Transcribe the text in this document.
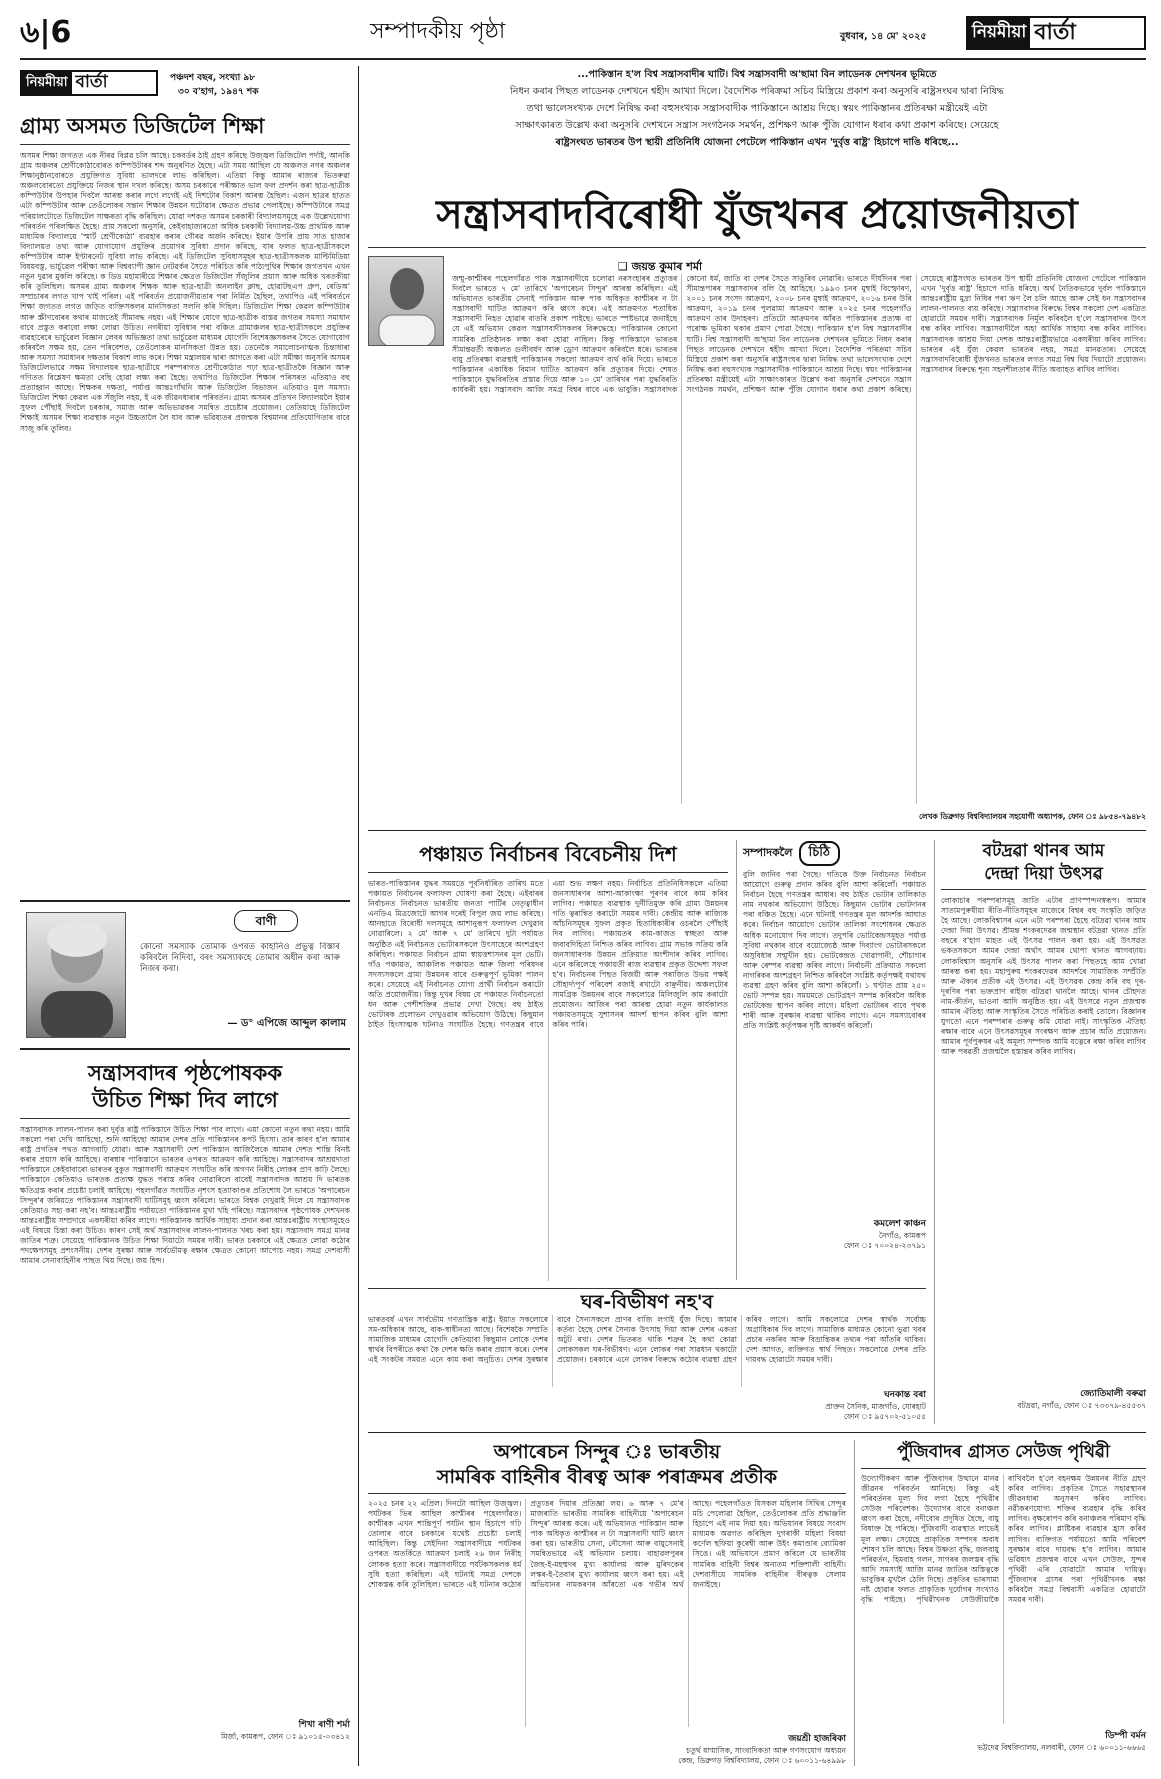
৬|6	সম্পাদকীয় পৃষ্ঠা	বুধবাৰ, ১৪ মে' ২০২৫	নিয়মীয়া বাৰ্তা
নিয়মীয়া বাৰ্তা	পঞ্চদশ বছৰ, সংখ্যা ৯৮
৩০ ব'হাগ, ১৯৪৭ শক
গ্ৰাম্য অসমত ডিজিটেল শিক্ষা
অসমৰ শিক্ষা জগতত এক নীৰৱ বিপ্লৱ চলি আছে। চকবৰ্ডৰ ঠাই গ্ৰহণ কৰিছে উজ্জ্বল ডিজিটেল পৰ্দাই, আনকি গ্ৰাম অঞ্চলৰ শ্ৰেণীকোঠাবোৰত কম্পিউটাৰৰ শব্দ অনুৰণিত হৈছে। এটা সময় আছিল যে অঞ্চলত নগৰ অঞ্চলৰ শিক্ষানুষ্ঠানবোৰতে প্ৰযুক্তিগত সুবিধা ভালদৰে লাভ কৰিছিল। এতিয়া কিন্তু আমাৰ ৰাজ্যৰ ভিতৰুৱা অঞ্চলবোৰতো প্ৰযুক্তিয়ে নিজৰ স্থান দখল কৰিছে। অসম চৰকাৰে পৰীক্ষাত ভাল ফল প্ৰদৰ্শন কৰা ছাত্ৰ-ছাত্ৰীক কম্পিউটাৰ উপহাৰ দিবলৈ আৰম্ভ কৰাৰ লগে লগেই এই দিশটোৰ বিকাশ আৰম্ভ হৈছিল। এজন ছাত্ৰৰ হাতত এটা কম্পিউটাৰ আৰু তেওঁলোকৰ সন্তান শিক্ষাৰ উন্নয়ন ঘটোৱাৰ ক্ষেত্ৰত প্ৰভাৱ পেলাইছে। কম্পিউটাৰে সমগ্ৰ পৰিয়ালটোতে ডিজিটেল সাক্ষৰতা বৃদ্ধি কৰিছিল। যোৱা দশকত অসমৰ চৰকাৰী বিদ্যালয়সমূহে এক উল্লেখযোগ্য পৰিবৰ্তন পৰিলক্ষিত হৈছে। প্ৰায় সকলো অনুসৰি, কেইবাহাজাৰতো অধিক চৰকাৰী বিদ্যালয়-উচ্চ প্ৰাথমিক আৰু মাধ্যমিক বিদ্যালয়ে 'স্মাৰ্ট শ্ৰেণীকোঠা' ব্যৱহাৰ কৰাৰ গৌৰৱ অৰ্জন কৰিছে। ইয়াৰ উপৰি প্ৰায় সাত হাজাৰ বিদ্যালয়ত তথ্য আৰু যোগাযোগ প্ৰযুক্তিৰ প্ৰয়োগৰ সুবিধা প্ৰদান কৰিছে, যাৰ ফলত ছাত্ৰ-ছাত্ৰীসকলে কম্পিউটাৰ আৰু ইণ্টাৰনেট সুবিধা লাভ কৰিছে। এই ডিজিটেল সুবিধাসমূহৰ ছাত্ৰ-ছাত্ৰীসকলক মাল্টিমিডিয়া বিষয়বস্তু, ভাৰ্চুৱেল পৰীক্ষা আৰু বিশ্বব্যাপী জ্ঞান নেটৱৰ্কৰ সৈতে পৰিচিত কৰি পাঠ্যপুথিৰ শিক্ষাৰ জগতখন এখন নতুন দুৱাৰ মুকলি কৰিছে। ক ডিড মহামাৰীয়ে শিক্ষাৰ ক্ষেত্ৰত ডিজিটেল সঁজুলিৰ প্ৰয়াস আৰু অধিক খৰতকীয়া কৰি তুলিছিল। অসমৰ গ্ৰাম্য অঞ্চলৰ শিক্ষক আৰু ছাত্ৰ-ছাত্ৰী অনলাইন ক্লাছ, হোৱাটছএপ গ্ৰুপ, ৰেডিঅ' সম্প্ৰচাৰৰ লগত খাপ খাই পৰিল। এই পৰিবৰ্তন প্ৰয়োজনীয়তাৰ পৰা নিৰ্মিত হৈছিল, তথাপিও এই পৰিবৰ্তনে শিক্ষা জগতত লগত জড়িত ব্যক্তিসকলৰ মানসিকতা সলনি কৰি দিছিল। ডিজিটেল শিক্ষা কেৱল কম্পিউটাৰ আৰু স্ক্ৰীণবোৰৰ কথাৰ মাজতেই সীমাবদ্ধ নহয়। এই শিক্ষাৰ যোগে ছাত্ৰ-ছাত্ৰীক বাস্তৱ জগতৰ সমস্যা সমাধান বাবে প্ৰস্তুত কৰাবো লক্ষ্য লোৱা উচিত। নগৰীয়া সুবিধাৰ পৰা বঞ্চিত গ্ৰামাঞ্চলৰ ছাত্ৰ-ছাত্ৰীসকলে প্ৰযুক্তিৰ ব্যৱহাৰেৰে ভাৰ্চুৱেল বিজ্ঞান লেবৰ অভিজ্ঞতা তথা ভাৰ্চুৱেল মাধ্যমৰ যোগেদি বিশেষজ্ঞসকলৰ সৈতে যোগাযোগ কৰিবলৈ সক্ষম হয়, তেন পৰিবেশত, তেওঁলোকৰ মানসিকতা উন্নত হয়। তেনেকৈ সমালোচনাত্মক চিন্তাধাৰা আৰু সমস্যা সমাধানৰ দক্ষতাৰ বিকাশ লাভ কৰে। শিক্ষা মন্ত্ৰালয়ৰ দ্বাৰা আগতে কৰা এটা সমীক্ষা অনুসৰি অসমৰ ডিজিটেলভাৱে সক্ষম বিদ্যালয়ৰ ছাত্ৰ-ছাত্ৰীয়ে পৰম্পৰাগত শ্ৰেণীকোঠাত পঢ়া ছাত্ৰ-ছাত্ৰীতকৈ বিজ্ঞান আৰু গণিতত বিশ্লেষণ ক্ষমতা বেছি হোৱা লক্ষ্য কৰা হৈছে। তথাপিও ডিজিটেল শিক্ষাৰ পৰিসৰত এতিয়াও বহু প্ৰত্যাহ্বান আছে। শিক্ষকৰ দক্ষতা, পৰ্যাপ্ত আন্তঃগাঁথনি আৰু ডিজিটেল বিভাজন এতিয়াও মূল সমস্যা। ডিজিটেল শিক্ষা কেৱল এক সঁজুলি নহয়, ই এক জীৱনধাৰাৰ পৰিবৰ্তন। গ্ৰাম্য অসমৰ প্ৰতিখন বিদ্যালয়লৈ ইয়াৰ সুফল পৌঁছাই দিবলৈ চৰকাৰ, সমাজ আৰু অভিভাৱকৰ সমন্বিত প্ৰচেষ্টাৰ প্ৰয়োজন। তেতিয়াহে ডিজিটেল শিক্ষাই অসমৰ শিক্ষা ব্যৱস্থাক নতুন উচ্চতালৈ লৈ যাব আৰু ভৱিষ্যতৰ প্ৰজন্মক বিশ্বমানৰ প্ৰতিযোগিতাৰ বাবে সাজু কৰি তুলিব।
বাণী
কোনো সমস্যাক তোমাক ওপৰত কাহানিও প্ৰভুত্ব বিস্তাৰ কৰিবলৈ নিদিবা, বৰং সমস্যাকহে তোমাৰ অধীন কৰা আৰু নিজৰ কৰা।
— ড° এপিজে আব্দুল কালাম
সন্ত্ৰাসবাদৰ পৃষ্ঠপোষকক
উচিত শিক্ষা দিব লাগে
সন্ত্ৰাসবাদক লালন-পালন কৰা দুৰ্বৃত্ত ৰাষ্ট্ৰ পাকিস্তানে উচিত শিক্ষা পাব লাগে। এয়া কোনো নতুন কথা নহয়। আমি সকলো পৰা দেখি আহিছো, শুনি আহিছো আমাৰ দেশৰ প্ৰতি পাকিস্তানৰ কপট হিংসা। তাৰ কাৰণ হ'ল আমাৰ ৰাষ্ট্ৰ প্ৰগতিৰ পথত আগবাঢ়ি যোৱা। আৰু সন্ত্ৰাসবাদী দেশ পাকিস্তান আজিলৈকে আমাৰ দেশত শান্তি বিনষ্ট কৰাৰ প্ৰয়াস কৰি আহিছে। বাৰম্বাৰ পাকিস্তানে ভাৰতৰ ওপৰত আক্ৰমণ কৰি আহিছে। সন্ত্ৰাসবাদৰ আশ্ৰয়দাতা পাকিস্তানে কেইবাবাৰো ভাৰতৰ বুকুত সন্ত্ৰাসবাদী আক্ৰমণ সংঘটিত কৰি অগণন নিৰীহ লোকৰ প্ৰাণ কাঢ়ি লৈছে। পাকিস্তানে কেতিয়াও ভাৰতক প্ৰত্যক্ষ যুদ্ধত পৰাস্ত কৰিব নোৱাৰিলে বাবেই সন্ত্ৰাসবাদক আশ্ৰয় দি ভাৰতক ক্ষতিগ্ৰস্ত কৰাৰ প্ৰচেষ্টা চলাই আহিছে। পহলগাঁৱত সংঘটিত নৃশংস হত্যাকাণ্ডৰ প্ৰতিশোধ লৈ ভাৰতে 'অপাৰেচন সিন্দুৰ'ৰ জৰিয়তে পাকিস্তানৰ সন্ত্ৰাসবাদী ঘাটিসমূহ ধ্বংস কৰিলে। ভাৰতে বিশ্বক দেখুৱাই দিলে যে সন্ত্ৰাসবাদক কেতিয়াও সহ্য কৰা নহ'ব। আন্তঃৰাষ্ট্ৰীয় পৰ্যায়তো পাকিস্তানৰ মুখা খহি পৰিছে। সন্ত্ৰাসবাদৰ পৃষ্ঠপোষক দেশখনক আন্তঃৰাষ্ট্ৰীয় সম্প্ৰদায়ে একঘৰীয়া কৰিব লাগে। পাকিস্তানক আৰ্থিক সাহায্য প্ৰদান কৰা আন্তঃৰাষ্ট্ৰীয় সংস্থাসমূহেও এই বিষয়ে চিন্তা কৰা উচিত। কাৰণ সেই অৰ্থ সন্ত্ৰাসবাদৰ লালন-পালনত খৰচ কৰা হয়। সন্ত্ৰাসবাদ সমগ্ৰ মানৱ জাতিৰ শত্ৰু। সেয়েহে পাকিস্তানক উচিত শিক্ষা দিয়াটো সময়ৰ দাবী। ভাৰত চৰকাৰে এই ক্ষেত্ৰত লোৱা কঠোৰ পদক্ষেপসমূহ প্ৰশংসনীয়। দেশৰ সুৰক্ষা আৰু সাৰ্বভৌমত্ব ৰক্ষাৰ ক্ষেত্ৰত কোনো আপোচ নহয়। সমগ্ৰ দেশবাসী আমাৰ সেনাবাহিনীৰ পাছত থিয় দিছে। জয় হিন্দ।
শিখা ৰাণী শৰ্মা
মিৰ্জা, কামৰূপ, ফোন ঃ ৯১০১৫-০৩৪১২
...পাকিস্তান হ'ল বিশ্ব সন্ত্ৰাসবাদীৰ ঘাটি। বিশ্ব সন্ত্ৰাসবাদী অ'ছামা বিন লাডেনক দেশখনৰ ভূমিতে
নিধন কৰাৰ পিছত লাডেনক দেশখনে শ্বহীদ আখ্যা দিলে। বৈদেশিক পৰিক্ৰমা সচিব মিস্ত্ৰিয়ে প্ৰকাশ কৰা অনুসৰি ৰাষ্ট্ৰসংঘৰ দ্বাৰা নিষিদ্ধ
তথা ভালেসংখ্যক দেশে নিষিদ্ধ কৰা বহুসংখ্যক সন্ত্ৰাসবাদীক পাকিস্তানে আশ্ৰয় দিছে। স্বয়ং পাকিস্তানৰ প্ৰতিৰক্ষা মন্ত্ৰীয়েই এটা
সাক্ষাৎকাৰত উল্লেখ কৰা অনুসৰি দেশখনে সন্ত্ৰাস সংগঠনক সমৰ্থন, প্ৰশিক্ষণ আৰু পুঁজি যোগান ধৰাৰ কথা প্ৰকাশ কৰিছে। সেয়েহে
ৰাষ্ট্ৰসংঘত ভাৰতৰ উপ স্থায়ী প্ৰতিনিধি যোজনা পেটেলে পাকিস্তান এখন 'দুৰ্বৃত্ত ৰাষ্ট্ৰ' হিচাপে দাঙি ধৰিছে...
সন্ত্ৰাসবাদবিৰোধী যুঁজখনৰ প্ৰয়োজনীয়তা
❑ জয়ন্ত কুমাৰ শৰ্মা
জম্মু-কাশ্মীৰৰ পহেলগাঁৱত পাক সন্ত্ৰাসবাদীয়ে চলোৱা নৰসংহাৰৰ প্ৰত্যুত্তৰ দিবলৈ ভাৰতে ৭ মে' তাৰিখে 'অপাৰেচন সিন্দুৰ' আৰম্ভ কৰিছিল। এই অভিযানত ভাৰতীয় সেনাই পাকিস্তান আৰু পাক অধিকৃত কাশ্মীৰৰ ন টা সন্ত্ৰাসবাদী ঘাটিত আক্ৰমণ কৰি ধ্বংস কৰে। এই আক্ৰমণত শতাধিক সন্ত্ৰাসবাদী নিহত হোৱাৰ বাতৰি প্ৰকাশ পাইছে। ভাৰতে স্পষ্টভাৱে জনাইছে যে এই অভিযান কেৱল সন্ত্ৰাসবাদীসকলৰ বিৰুদ্ধেহে। পাকিস্তানৰ কোনো সামৰিক প্ৰতিষ্ঠানক লক্ষ্য কৰা হোৱা নাছিল। কিন্তু পাকিস্তানে ভাৰতৰ সীমান্তৱৰ্তী অঞ্চলত গুলীবৰ্ষণ আৰু ড্ৰোণ আক্ৰমণ কৰিবলৈ ধৰে। ভাৰতৰ বায়ু প্ৰতিৰক্ষা ব্যৱস্থাই পাকিস্তানৰ সকলো আক্ৰমণ ব্যৰ্থ কৰি দিয়ে। ভাৰতে পাকিস্তানৰ একাধিক বিমান ঘাটিত আক্ৰমণ কৰি প্ৰত্যুত্তৰ দিয়ে। শেষত পাকিস্তানে যুদ্ধবিৰতিৰ প্ৰস্তাৱ দিয়ে আৰু ১০ মে' তাৰিখৰ পৰা যুদ্ধবিৰতি কাৰ্যকৰী হয়। সন্ত্ৰাসবাদ আজি সমগ্ৰ বিশ্বৰ বাবে এক ভাবুকি। সন্ত্ৰাসবাদক কোনো ধৰ্ম, জাতি বা দেশৰ সৈতে সাঙুৰিব নোৱাৰি। ভাৰতে দীৰ্ঘদিনৰ পৰা সীমান্তপাৰৰ সন্ত্ৰাসবাদৰ বলি হৈ আহিছে। ১৯৯৩ চনৰ মুম্বাই বিস্ফোৰণ, ২০০১ চনৰ সংসদ আক্ৰমণ, ২০০৮ চনৰ মুম্বাই আক্ৰমণ, ২০১৬ চনৰ উৰি আক্ৰমণ, ২০১৯ চনৰ পুলৱামা আক্ৰমণ আৰু ২০২৫ চনৰ পহেলগাঁও আক্ৰমণ তাৰ উদাহৰণ। প্ৰতিটো আক্ৰমণৰ আঁৰত পাকিস্তানৰ প্ৰত্যক্ষ বা পৰোক্ষ ভূমিকা থকাৰ প্ৰমাণ পোৱা গৈছে। পাকিস্তান হ'ল বিশ্ব সন্ত্ৰাসবাদীৰ ঘাটি। বিশ্ব সন্ত্ৰাসবাদী অ'ছামা বিন লাডেনক দেশখনৰ ভূমিতে নিধন কৰাৰ পিছত লাডেনক দেশখনে শ্বহীদ আখ্যা দিলে। বৈদেশিক পৰিক্ৰমা সচিব মিস্ত্ৰিয়ে প্ৰকাশ কৰা অনুসৰি ৰাষ্ট্ৰসংঘৰ দ্বাৰা নিষিদ্ধ তথা ভালেসংখ্যক দেশে নিষিদ্ধ কৰা বহুসংখ্যক সন্ত্ৰাসবাদীক পাকিস্তানে আশ্ৰয় দিছে। স্বয়ং পাকিস্তানৰ প্ৰতিৰক্ষা মন্ত্ৰীয়েই এটা সাক্ষাৎকাৰত উল্লেখ কৰা অনুসৰি দেশখনে সন্ত্ৰাস সংগঠনক সমৰ্থন, প্ৰশিক্ষণ আৰু পুঁজি যোগান ধৰাৰ কথা প্ৰকাশ কৰিছে। সেয়েহে ৰাষ্ট্ৰসংঘত ভাৰতৰ উপ স্থায়ী প্ৰতিনিধি যোজনা পেটেলে পাকিস্তান এখন 'দুৰ্বৃত্ত ৰাষ্ট্ৰ' হিচাপে দাঙি ধৰিছে। অৰ্থ নৈতিকভাৱে দুৰ্বল পাকিস্তানে আন্তঃৰাষ্ট্ৰীয় মুদ্ৰা নিধিৰ পৰা ঋণ লৈ চলি আছে আৰু সেই ধন সন্ত্ৰাসবাদৰ লালন-পালনত ব্যয় কৰিছে। সন্ত্ৰাসবাদৰ বিৰুদ্ধে বিশ্বৰ সকলো দেশ একত্ৰিত হোৱাটো সময়ৰ দাবী। সন্ত্ৰাসবাদক নিৰ্মূল কৰিবলৈ হ'লে সন্ত্ৰাসবাদৰ উৎস বন্ধ কৰিব লাগিব। সন্ত্ৰাসবাদীলৈ অহা আৰ্থিক সাহায্য বন্ধ কৰিব লাগিব। সন্ত্ৰাসবাদক আশ্ৰয় দিয়া দেশক আন্তঃৰাষ্ট্ৰীয়ভাৱে একঘৰীয়া কৰিব লাগিব। ভাৰতৰ এই যুঁজ কেৱল ভাৰতৰ নহয়, সমগ্ৰ মানৱতাৰ। সেয়েহে সন্ত্ৰাসবাদবিৰোধী যুঁজখনত ভাৰতৰ লগত সমগ্ৰ বিশ্ব থিয় দিয়াটো প্ৰয়োজন। সন্ত্ৰাসবাদৰ বিৰুদ্ধে শূন্য সহনশীলতাৰ নীতি অব্যাহত ৰাখিব লাগিব।
লেখক ডিব্ৰুগড় বিশ্ববিদ্যালয়ৰ সহযোগী অধ্যাপক, ফোন ঃ ৯৮৫৪-৭৯৪৮২
পঞ্চায়ত নিৰ্বাচনৰ বিবেচনীয় দিশ
ভাৰত-পাকিস্তানৰ যুদ্ধৰ সময়তে পূৰ্বনিৰ্ধাৰিত তাৰিখ মতে পঞ্চায়ত নিৰ্বাচনৰ ফলাফল ঘোষণা কৰা হৈছে। এইবাৰৰ নিৰ্বাচনত নিৰ্বাচনত ভাৰতীয় জনতা পাৰ্টিৰ নেতৃত্বাধীন এনডিএ মিত্ৰজোটে আগৰ দৰেই বিপুল জয় লাভ কৰিছে। আনহাতে বিৰোধী দলসমূহে আশানুৰূপ ফলাফল দেখুৱাব নোৱাৰিলে। ২ মে' আৰু ৭ মে' তাৰিখে দুটা পৰ্যায়ত অনুষ্ঠিত এই নিৰ্বাচনত ভোটাৰসকলে উৎসাহেৰে অংশগ্ৰহণ কৰিছিল। পঞ্চায়ত নিৰ্বাচন গ্ৰাম্য স্বায়ত্তশাসনৰ মূল ভেটি। গাঁও পঞ্চায়ত, আঞ্চলিক পঞ্চায়ত আৰু জিলা পৰিষদৰ সদস্যসকলে গ্ৰাম্য উন্নয়নৰ বাবে গুৰুত্বপূৰ্ণ ভূমিকা পালন কৰে। সেয়েহে এই নিৰ্বাচনত যোগ্য প্ৰাৰ্থী নিৰ্বাচন কৰাটো অতি প্ৰয়োজনীয়। কিন্তু দুখৰ বিষয় যে পঞ্চায়ত নিৰ্বাচনতো ধন আৰু পেশীশক্তিৰ প্ৰভাৱ দেখা গৈছে। বহু ঠাইত ভোটাৰক প্ৰলোভন দেখুওৱাৰ অভিযোগ উঠিছে। কিছুমান ঠাইত হিংসাত্মক ঘটনাও সংঘটিত হৈছে। গণতন্ত্ৰৰ বাবে এয়া শুভ লক্ষণ নহয়। নিৰ্বাচিত প্ৰতিনিধিসকলে এতিয়া জনসাধাৰণৰ আশা-আকাংক্ষা পূৰণৰ বাবে কাম কৰিব লাগিব। পঞ্চায়ত ব্যৱস্থাক দুৰ্নীতিমুক্ত কৰি গ্ৰাম্য উন্নয়নৰ গতি ত্বৰান্বিত কৰাটো সময়ৰ দাবী। কেন্দ্ৰীয় আৰু ৰাজ্যিক আঁচনিসমূহৰ সুফল প্ৰকৃত হিতাধিকাৰীৰ ওচৰলৈ পৌঁছাই দিব লাগিব। পঞ্চায়তৰ কাম-কাজত স্বচ্ছতা আৰু জবাবদিহিতা নিশ্চিত কৰিব লাগিব। গ্ৰাম সভাক সক্ৰিয় কৰি জনসাধাৰণক উন্নয়ন প্ৰক্ৰিয়াত অংশীদাৰ কৰিব লাগিব। এনে কৰিলেহে পঞ্চায়তী ৰাজ ব্যৱস্থাৰ প্ৰকৃত উদ্দেশ্য সফল হ'ব। নিৰ্বাচনৰ পিছত বিজয়ী আৰু পৰাজিত উভয় পক্ষই সৌহাৰ্দ্যপূৰ্ণ পৰিবেশ বজাই ৰখাটো বাঞ্ছনীয়। অঞ্চলটোৰ সামগ্ৰিক উন্নয়নৰ বাবে সকলোৱে মিলিজুলি কাম কৰাটো প্ৰয়োজন। আজিৰ পৰা আৰম্ভ হোৱা নতুন কাৰ্যকালত পঞ্চায়তসমূহে সুশাসনৰ আদৰ্শ স্থাপন কৰিব বুলি আশা কৰিব পাৰি।
সম্পাদকলৈ	চিঠি
বুলি জানিব পৰা গৈছে। গতিকে উক্ত নিৰ্বাচনত নিৰ্বাচন আয়োগে গুৰুত্ব প্ৰদান কৰিব বুলি আশা কৰিলোঁ। পঞ্চায়ত নিৰ্বাচন হৈছে গণতন্ত্ৰৰ আধাৰ। বহু ঠাইত ভোটাৰ তালিকাত নাম নথকাৰ অভিযোগ উঠিছে। কিছুমান ভোটাৰ ভোটদানৰ পৰা বঞ্চিত হৈছে। এনে ঘটনাই গণতন্ত্ৰৰ মূল আদৰ্শক আঘাত কৰে। নিৰ্বাচন আয়োগে ভোটাৰ তালিকা সংশোধনৰ ক্ষেত্ৰত অধিক মনোযোগ দিব লাগে। তদুপৰি ভোটকেন্দ্ৰসমূহত পৰ্যাপ্ত সুবিধা নথকাৰ বাবে বয়োজ্যেষ্ঠ আৰু দিব্যাংগ ভোটাৰসকলে অসুবিধাৰ সন্মুখীন হয়। ভোটকেন্দ্ৰত খোৱাপানী, শৌচাগাৰ আৰু ৰেম্পৰ ব্যৱস্থা কৰিব লাগে। নিৰ্বাচনী প্ৰক্ৰিয়াত সকলো নাগৰিকৰ অংশগ্ৰহণ নিশ্চিত কৰিবলৈ সংশ্লিষ্ট কৰ্তৃপক্ষই যথাযথ ব্যৱস্থা গ্ৰহণ কৰিব বুলি আশা কৰিলোঁ। ১ ঘণ্টাত প্ৰায় ২৫০ ভোট সম্পন্ন হয়। সময়মতে ভোটগ্ৰহণ সম্পন্ন কৰিবলৈ অধিক ভোটকেন্দ্ৰ স্থাপন কৰিব লাগে। মহিলা ভোটাৰৰ বাবে পৃথক শাৰী আৰু সুৰক্ষাৰ ব্যৱস্থা থাকিব লাগে। এনে সমস্যাবোৰৰ প্ৰতি সংশ্লিষ্ট কৰ্তৃপক্ষৰ দৃষ্টি আকৰ্ষণ কৰিলোঁ।
কমলেশ কাঞ্চন
নৈগাঁও, কামৰূপ
ফোন ঃ ৭০০২৪-২৩৭৯১
বটদ্ৰৱা থানৰ আম
দেন্দ্ৰা দিয়া উৎসৱ
লোকাচাৰ পৰম্পৰাসমূহ জাতি এটাৰ প্ৰাণস্পন্দনস্বৰূপ। আমাৰ সাতামপুৰুষীয়া ৰীতি-নীতিসমূহৰ মাজেৰে বিশ্বৰ বহু সংস্কৃতি জড়িত হৈ আছে। লোকবিশ্বাসৰ এনে এটা পৰম্পৰা হৈছে বটদ্ৰৱা থানৰ আম দেন্দ্ৰা দিয়া উৎসৱ। শ্ৰীমন্ত শংকৰদেৱৰ জন্মস্থান বটদ্ৰৱা থানত প্ৰতি বছৰে ব'হাগ মাহত এই উৎসৱ পালন কৰা হয়। এই উৎসৱত ভকতসকলে আমৰ দেন্দ্ৰা অৰ্থাৎ আমৰ থোপা থানত আগবঢ়ায়। লোকবিশ্বাস অনুসৰি এই উৎসৱ পালন কৰা পিছতহে আম খোৱা আৰম্ভ কৰা হয়। মহাপুৰুষ শংকৰদেৱৰ আদৰ্শৰে সামাজিক সম্প্ৰীতি আৰু ঐক্যৰ প্ৰতীক এই উৎসৱ। এই উৎসৱক কেন্দ্ৰ কৰি বহু দূৰ-দূৰণিৰ পৰা ভক্তপ্ৰাণ ৰাইজ বটদ্ৰৱা থানলৈ আহে। থানৰ চৌহদত নাম-কীৰ্তন, ভাওনা আদি অনুষ্ঠিত হয়। এই উৎসৱে নতুন প্ৰজন্মক আমাৰ ঐতিহ্য আৰু সংস্কৃতিৰ সৈতে পৰিচিত কৰাই তোলে। বিজ্ঞানৰ যুগতো এনে পৰম্পৰাৰ গুৰুত্ব কমি যোৱা নাই। সাংস্কৃতিক ঐতিহ্য ৰক্ষাৰ বাবে এনে উৎসৱসমূহৰ সংৰক্ষণ আৰু প্ৰচাৰ অতি প্ৰয়োজন। আমাৰ পূৰ্বপুৰুষৰ এই অমূল্য সম্পদক আমি যত্নেৰে ৰক্ষা কৰিব লাগিব আৰু পৰৱৰ্তী প্ৰজন্মলৈ হস্তান্তৰ কৰিব লাগিব।
জ্যোতিমালী বৰুৱা
বটদ্ৰৱা, নগাঁও, ফোন ঃ ৭৩৩৭৯-৪৫৫৩৭
ঘৰ-বিভীষণ নহ'ব
ভাৰতবৰ্ষ এখন সাৰ্বভৌম গণতান্ত্ৰিক ৰাষ্ট্ৰ। ইয়াত সকলোৰে সম-অধিকাৰ আছে, বাক-স্বাধীনতা আছে। বিশেষকৈ সম্প্ৰতি সামাজিক মাধ্যমৰ যোগেদি কেতিয়াবা কিছুমান লোকে দেশৰ স্বাৰ্থৰ বিপৰীতে কথা কৈ দেশৰ ক্ষতি কৰাৰ প্ৰয়াস কৰে। দেশৰ এই সংকটৰ সময়ত এনে কাম কৰা অনুচিত। দেশৰ সুৰক্ষাৰ বাবে সৈন্যসকলে প্ৰাণৰ বাজি লগাই যুঁজ দিছে। আমাৰ কৰ্তব্য হৈছে দেশৰ সৈন্যক উৎসাহ দিয়া আৰু দেশৰ একতা অটুট ৰখা। দেশৰ ভিতৰত থাকি শত্ৰুৰ হৈ কথা কোৱা লোকসকল ঘৰ-বিভীষণ। এনে লোকৰ পৰা সাৱধান থকাটো প্ৰয়োজন। চৰকাৰে এনে লোকৰ বিৰুদ্ধে কঠোৰ ব্যৱস্থা গ্ৰহণ কৰিব লাগে। আমি সকলোৱে দেশৰ স্বাৰ্থক সৰ্বোচ্চ অগ্ৰাধিকাৰ দিব লাগে। সামাজিক মাধ্যমত কোনো ভুৱা খবৰ প্ৰচাৰ নকৰিব আৰু বিভ্ৰান্তিকৰ তথ্যৰ পৰা আঁতৰি থাকিব। দেশ আগত, ব্যক্তিগত স্বাৰ্থ পিছত। সকলোৱে দেশৰ প্ৰতি দায়বদ্ধ হোৱাটো সময়ৰ দাবী।
ঘনকান্ত বৰা
প্ৰাক্তন সৈনিক, মাজগাঁও, যোৰহাট
ফোন ঃ ৯৫৭০২-৫১০৫৫
অপাৰেচন সিন্দুৰ ঃ ভাৰতীয়
সামৰিক বাহিনীৰ বীৰত্ব আৰু পৰাক্ৰমৰ প্ৰতীক
২০২৫ চনৰ ২২ এপ্ৰিল। দিনটো আছিল উজ্জ্বল। পৰ্যটকৰ ভিৰ আছিল কাশ্মীৰৰ পহেলগাঁৱত। কাশ্মীৰক এখন শান্তিপূৰ্ণ পৰ্যটন স্থান হিচাপে গঢ়ি তোলাৰ বাবে চৰকাৰে যথেষ্ট প্ৰচেষ্টা চলাই আহিছিল। কিন্তু সেইদিনা সন্ত্ৰাসবাদীয়ে পৰ্যটকৰ ওপৰত অতৰ্কিতে আক্ৰমণ চলাই ২৬ জন নিৰীহ লোকক হত্যা কৰে। সন্ত্ৰাসবাদীয়ে পৰ্যটকসকলক ধৰ্ম সুধি হত্যা কৰিছিল। এই ঘটনাই সমগ্ৰ দেশকে শোকস্তব্ধ কৰি তুলিছিল। ভাৰতে এই ঘটনাৰ কঠোৰ প্ৰত্যুত্তৰ দিয়াৰ প্ৰতিজ্ঞা লয়। ৬ আৰু ৭ মে'ৰ মাজৰাতি ভাৰতীয় সামৰিক বাহিনীয়ে 'অপাৰেচন সিন্দুৰ' আৰম্ভ কৰে। এই অভিযানত পাকিস্তান আৰু পাক অধিকৃত কাশ্মীৰৰ ন টা সন্ত্ৰাসবাদী ঘাটি ধ্বংস কৰা হয়। ভাৰতীয় সেনা, নৌসেনা আৰু বায়ুসেনাই সমন্বিতভাৱে এই অভিযান চলায়। বাহাৱলপুৰৰ জৈছ-ই-মহম্মদৰ মুখ্য কাৰ্যালয় আৰু মুৰিদকেৰ লস্কৰ-ই-তৈবাৰ মুখ্য কাৰ্যালয় ধ্বংস কৰা হয়। এই অভিযানৰ নামকৰণৰ আঁৰতো এক গভীৰ অৰ্থ আছে। পহেলগাঁওত যিসকল মহিলাৰ সিঁথিৰ সেন্দুৰ মচি পেলোৱা হৈছিল, তেওঁলোকৰ প্ৰতি শ্ৰদ্ধাঞ্জলি হিচাপে এই নাম দিয়া হয়। অভিযানৰ বিষয়ে সংবাদ মাধ্যমক অৱগত কৰিছিল দুগৰাকী মহিলা বিষয়া কৰ্ণেল ছফিয়া কুৰেশ্বী আৰু উইং কমাণ্ডাৰ ব্যোমিকা সিঙে। এই অভিযানে প্ৰমাণ কৰিলে যে ভাৰতীয় সামৰিক বাহিনী বিশ্বৰ অন্যতম শক্তিশালী বাহিনী। দেশবাসীয়ে সামৰিক বাহিনীৰ বীৰত্বক সেলাম জনাইছে।
জয়শ্ৰী হাজৰিকা
চতুৰ্থ ষাণ্মাসিক, সাংবাদিকতা আৰু গণসংযোগ অধ্যয়ন
কেন্দ্ৰ, ডিব্ৰুগড় বিশ্ববিদ্যালয়, ফোন ঃ ৬০০১১-৬৪৯৯৮
পুঁজিবাদৰ গ্ৰাসত সেউজ পৃথিৱী
উদ্যোগীকৰণ আৰু পুঁজিবাদৰ উত্থানে মানৱ জীৱনৰ পৰিবৰ্তন আনিছে। কিন্তু এই পৰিবৰ্তনৰ মূল্য দিব লগা হৈছে পৃথিৱীৰ সেউজ পৰিবেশক। উদ্যোগৰ বাবে বনাঞ্চল ধ্বংস কৰা হৈছে, নদীবোৰ প্ৰদূষিত হৈছে, বায়ু বিষাক্ত হৈ পৰিছে। পুঁজিবাদী ব্যৱস্থাত লাভেই মূল লক্ষ্য। সেয়েহে প্ৰাকৃতিক সম্পদৰ অবাধ শোষণ চলি আছে। বিশ্বৰ উষ্ণতা বৃদ্ধি, জলবায়ু পৰিৱৰ্তন, হিমবাহ গলন, সাগৰৰ জলস্তৰ বৃদ্ধি আদি সমস্যাই আজি মানৱ জাতিৰ অস্তিত্বকে ভাবুকিৰ মুখলৈ ঠেলি দিছে। প্ৰকৃতিৰ ভাৰসাম্য নষ্ট হোৱাৰ ফলত প্ৰাকৃতিক দুৰ্যোগৰ সংখ্যাও বৃদ্ধি পাইছে। পৃথিৱীখনক সেউজীয়াকৈ ৰাখিবলৈ হ'লে বহনক্ষম উন্নয়নৰ নীতি গ্ৰহণ কৰিব লাগিব। প্ৰকৃতিৰ সৈতে সহাৱস্থানৰ জীৱনধাৰা অনুসৰণ কৰিব লাগিব। নৱীকৰণযোগ্য শক্তিৰ ব্যৱহাৰ বৃদ্ধি কৰিব লাগিব। বৃক্ষৰোপণ কৰি বনাঞ্চলৰ পৰিমাণ বৃদ্ধি কৰিব লাগিব। প্লাষ্টিকৰ ব্যৱহাৰ হ্ৰাস কৰিব লাগিব। ব্যক্তিগত পৰ্যায়তো আমি পৰিবেশ সুৰক্ষাৰ বাবে দায়বদ্ধ হ'ব লাগিব। আমাৰ ভৱিষ্যৎ প্ৰজন্মৰ বাবে এখন সেউজ, সুন্দৰ পৃথিৱী এৰি যোৱাটো আমাৰ দায়িত্ব। পুঁজিবাদৰ গ্ৰাসৰ পৰা পৃথিৱীখনক ৰক্ষা কৰিবলৈ সমগ্ৰ বিশ্ববাসী একত্ৰিত হোৱাটো সময়ৰ দাবী।
ডিম্পী বৰ্মন
ভট্টদেৱ বিশ্ববিদ্যালয়, নলবাৰী, ফোন ঃ ৬০০১১-৬৬৬৫
